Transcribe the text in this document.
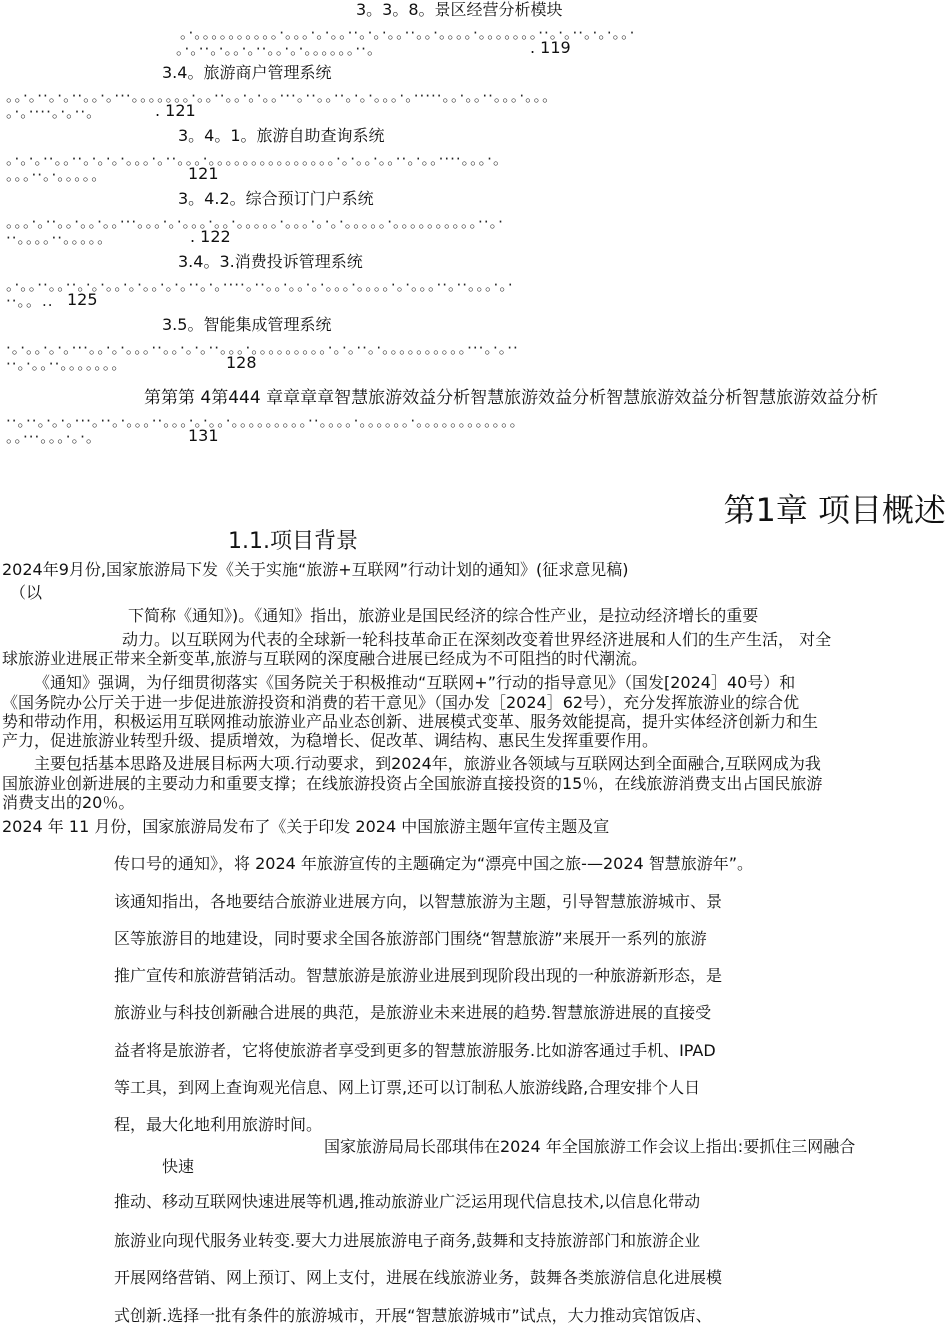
3。3。8。景区经营分析模块
。·。。。。。。。。。。·。。。·。·。。··。·。·。。··。。·。。。。·。。。。。。。··。·。··。·。·。。·
。·。··。·。。·。··。。·。·。。。。。。··。	. 119
3.4。旅游商户管理系统
。。·。··。·。··。。·。···。。。。。。。·。。··。。·。·。。···。··。。··。·。·。。。·。·····。。·。。··。。。·。。。
。·。····。·。··。	. 121
3。4。1。旅游自助查询系统
。·。·。··。。··。·。·。·。。。·。··。。。·。。。。。。。。。。。。。。。·。·。。·。。··。·。。····。。。·。
。。。··。·。。。。。	121
3。4.2。综合预订门户系统
。。。·。··。。·。。·。。···。。。·。·。。。·。。·。。。。。·。。。·。·。·。。。。。·。。。。。。。。。。··。·
··。。。。··。。。。。	. 122
3.4。3.消费投诉管理系统
。·。。··。。··。·。·。。·。·。。·。·。··。·。····。··。。·。。·。·。。。·。。。。·。·。。。··。··。。。·。·
··。。.. 125
3.5。智能集成管理系统
·。·。。·。·。···。。·。·。。。··。。·。·。··。。。·。。。。。。。。。·。·。··。·。。。。。。。。。。···。·。··
··。·。。··。。。。。。。	128
第第第 4第444 章章章章智慧旅游效益分析智慧旅游效益分析智慧旅游效益分析智慧旅游效益分析
··。··。·。·。···。··。·。。。··。。。·。·。。·。。。。。。。。。··。。。。·。。。。。。·。。。。。。。。。。。。
。。···。。。·。·。	131
第1章 项目概述
1.1.项目背景
2024年9月份,国家旅游局下发《关于实施“旅游+互联网”行动计划的通知》(征求意见稿)
（以
下简称《通知》)。《通知》指出，旅游业是国民经济的综合性产业，是拉动经济增长的重要
动力。以互联网为代表的全球新一轮科技革命正在深刻改变着世界经济进展和人们的生产生活， 对全
球旅游业进展正带来全新变革,旅游与互联网的深度融合进展已经成为不可阻挡的时代潮流。
《通知》强调，为仔细贯彻落实《国务院关于积极推动“互联网+”行动的指导意见》（国发[2024］40号）和
《国务院办公厅关于进一步促进旅游投资和消费的若干意见》（国办发［2024］62号），充分发挥旅游业的综合优
势和带动作用，积极运用互联网推动旅游业产品业态创新、进展模式变革、服务效能提高，提升实体经济创新力和生
产力，促进旅游业转型升级、提质增效，为稳增长、促改革、调结构、惠民生发挥重要作用。
主要包括基本思路及进展目标两大项.行动要求，到2024年，旅游业各领域与互联网达到全面融合,互联网成为我
国旅游业创新进展的主要动力和重要支撑；在线旅游投资占全国旅游直接投资的15％，在线旅游消费支出占国民旅游
消费支出的20％。
2024 年 11 月份，国家旅游局发布了《关于印发 2024 中国旅游主题年宣传主题及宣
传口号的通知》，将 2024 年旅游宣传的主题确定为“漂亮中国之旅-—2024 智慧旅游年”。
该通知指出，各地要结合旅游业进展方向，以智慧旅游为主题，引导智慧旅游城市、景
区等旅游目的地建设，同时要求全国各旅游部门围绕“智慧旅游”来展开一系列的旅游
推广宣传和旅游营销活动。智慧旅游是旅游业进展到现阶段出现的一种旅游新形态，是
旅游业与科技创新融合进展的典范，是旅游业未来进展的趋势.智慧旅游进展的直接受
益者将是旅游者，它将使旅游者享受到更多的智慧旅游服务.比如游客通过手机、IPAD
等工具，到网上查询观光信息、网上订票,还可以订制私人旅游线路,合理安排个人日
程，最大化地利用旅游时间。
国家旅游局局长邵琪伟在2024 年全国旅游工作会议上指出:要抓住三网融合
快速
推动、移动互联网快速进展等机遇,推动旅游业广泛运用现代信息技术,以信息化带动
旅游业向现代服务业转变.要大力进展旅游电子商务,鼓舞和支持旅游部门和旅游企业
开展网络营销、网上预订、网上支付，进展在线旅游业务，鼓舞各类旅游信息化进展模
式创新.选择一批有条件的旅游城市，开展“智慧旅游城市”试点，大力推动宾馆饭店、
